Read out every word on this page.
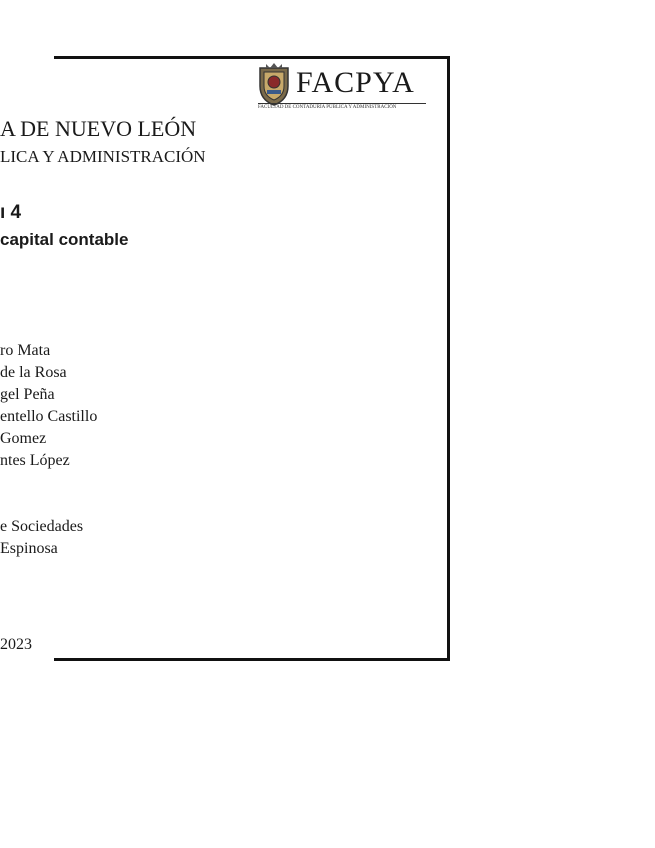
FACPYA
FACULTAD DE CONTADURÍA PÚBLICA Y ADMINISTRACIÓN
A DE NUEVO LEÓN
LICA Y ADMINISTRACIÓN
ı 4
capital contable
ro Mata
de la Rosa
gel Peña
entello Castillo
Gomez
ntes López
e Sociedades
Espinosa
2023
